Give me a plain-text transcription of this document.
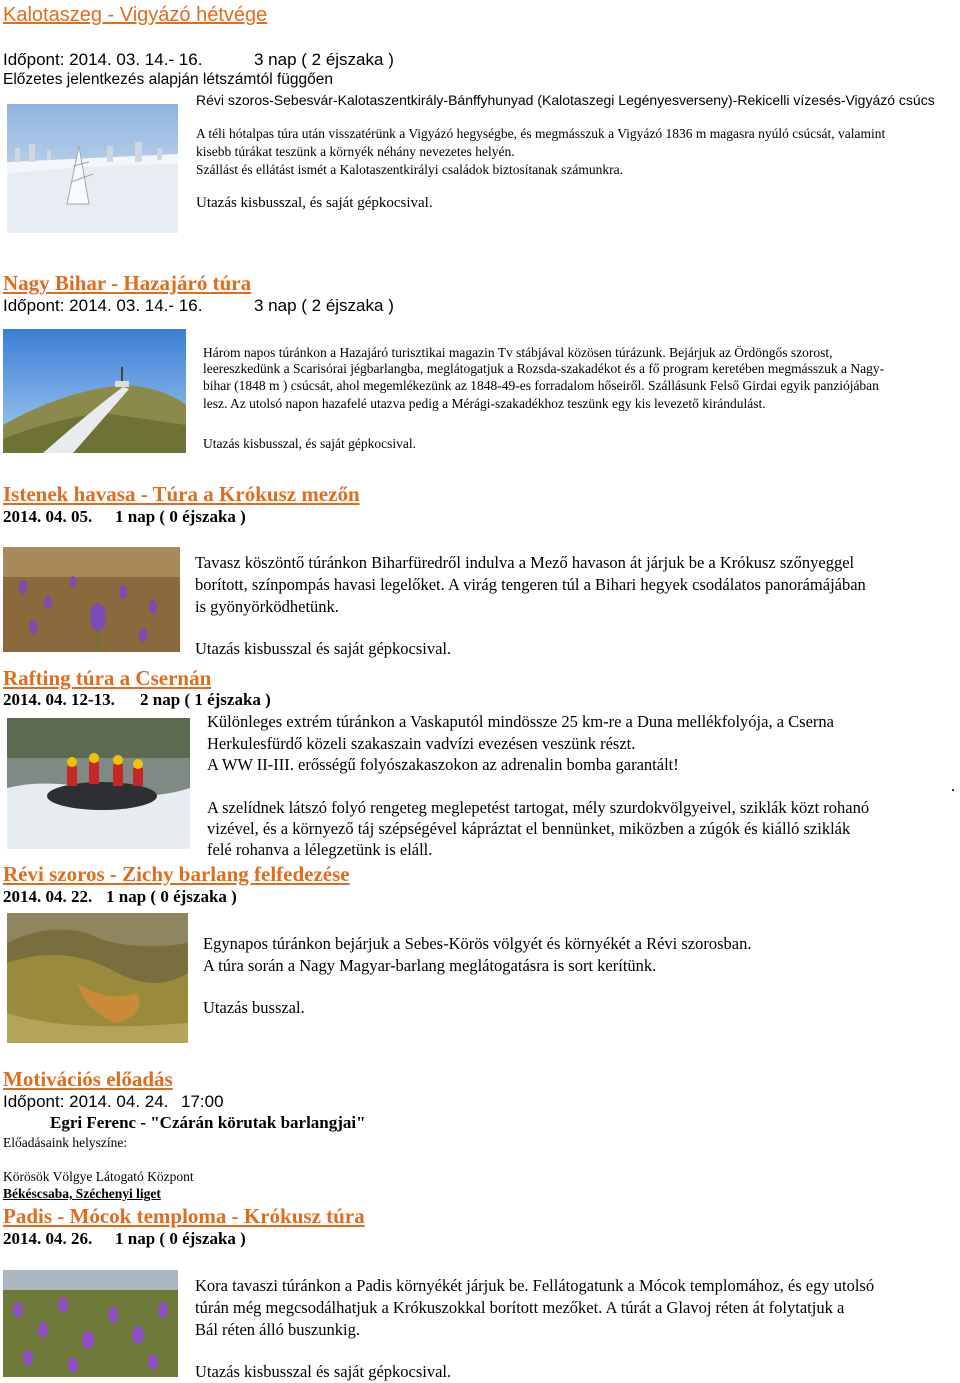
Kalotaszeg - Vigyázó hétvége
Időpont: 2014. 03. 14.- 16.	3 nap ( 2 éjszaka )
Előzetes jelentkezés alapján létszámtól függően
Révi szoros-Sebesvár-Kalotaszentkirály-Bánffyhunyad (Kalotaszegi Legényesverseny)-Rekicelli vízesés-Vigyázó csúcs
A téli hótalpas túra után visszatérünk a Vigyázó hegységbe, és megmásszuk a Vigyázó 1836 m magasra nyúló csúcsát, valamint
kisebb túrákat teszünk a környék néhány nevezetes helyén.
Szállást és ellátást ismét a Kalotaszentkirályi családok biztosítanak számunkra.
Utazás kisbusszal, és saját gépkocsival.
Nagy Bihar - Hazajáró túra
Időpont: 2014. 03. 14.- 16.	3 nap ( 2 éjszaka )
Három napos túránkon a Hazajáró turisztikai magazin Tv stábjával közösen túrázunk. Bejárjuk az Ördöngős szorost,
leereszkedünk a Scarisórai jégbarlangba, meglátogatjuk a Rozsda-szakadékot és a fő program keretében megmásszuk a Nagy-
bihar (1848 m ) csúcsát, ahol megemlékezünk az 1848-49-es forradalom hőseiről. Szállásunk Felső Girdai egyik panziójában
lesz. Az utolsó napon hazafelé utazva pedig a Mérági-szakadékhoz teszünk egy kis levezető kirándulást.
Utazás kisbusszal, és saját gépkocsival.
Istenek havasa - Túra a Krókusz mezőn
2014. 04. 05. 1 nap ( 0 éjszaka )
Tavasz köszöntő túránkon Biharfüredről indulva a Mező havason át járjuk be a Krókusz szőnyeggel
borított, színpompás havasi legelőket. A virág tengeren túl a Bihari hegyek csodálatos panorámájában
is gyönyörködhetünk.
Utazás kisbusszal és saját gépkocsival.
Rafting túra a Csernán
2014. 04. 12-13. 2 nap ( 1 éjszaka )
Különleges extrém túránkon a Vaskaputól mindössze 25 km-re a Duna mellékfolyója, a Cserna
Herkulesfürdő közeli szakaszain vadvízi evezésen veszünk részt.
A WW II-III. erősségű folyószakaszokon az adrenalin bomba garantált!
.
A szelídnek látszó folyó rengeteg meglepetést tartogat, mély szurdokvölgyeivel, sziklák közt rohanó
vizével, és a környező táj szépségével kápráztat el bennünket, miközben a zúgók és kiálló sziklák
felé rohanva a lélegzetünk is eláll.
Révi szoros - Zichy barlang felfedezése
2014. 04. 22. 1 nap ( 0 éjszaka )
Egynapos túránkon bejárjuk a Sebes-Körös völgyét és környékét a Révi szorosban.
A túra során a Nagy Magyar-barlang meglátogatásra is sort kerítünk.
Utazás busszal.
Motivációs előadás
Időpont: 2014. 04. 24. 17:00
Egri Ferenc - "Czárán körutak barlangjai"
Előadásaink helyszíne:
Körösök Völgye Látogató Központ
Békéscsaba, Széchenyi liget
Padis - Mócok temploma - Krókusz túra
2014. 04. 26. 1 nap ( 0 éjszaka )
Kora tavaszi túránkon a Padis környékét járjuk be. Fellátogatunk a Mócok templomához, és egy utolsó
túrán még megcsodálhatjuk a Krókuszokkal borított mezőket. A túrát a Glavoj réten át folytatjuk a
Bál réten álló buszunkig.
Utazás kisbusszal és saját gépkocsival.
